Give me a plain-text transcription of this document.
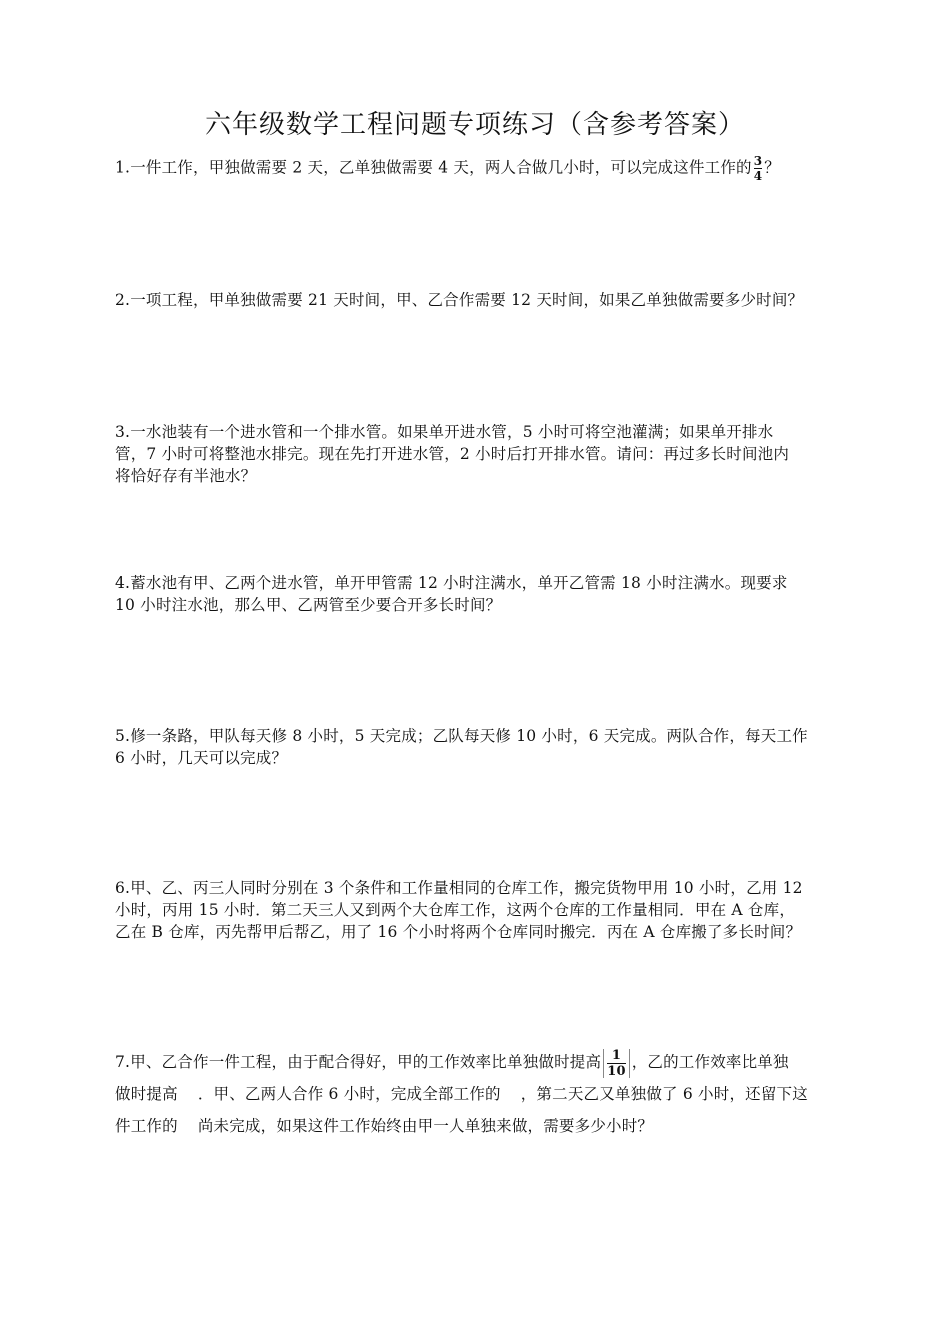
六年级数学工程问题专项练习（含参考答案）
1.一件工作，甲独做需要 2 天，乙单独做需要 4 天，两人合做几小时，可以完成这件工作的 $\frac{3}{4}$ ？
2.一项工程，甲单独做需要 21 天时间，甲、乙合作需要 12 天时间，如果乙单独做需要多少时间？
3.一水池装有一个进水管和一个排水管。如果单开进水管，5 小时可将空池灌满；如果单开排水
管，7 小时可将整池水排完。现在先打开进水管，2 小时后打开排水管。请问：再过多长时间池内
将恰好存有半池水？
4.蓄水池有甲、乙两个进水管，单开甲管需 12 小时注满水，单开乙管需 18 小时注满水。现要求
10 小时注水池，那么甲、乙两管至少要合开多长时间？
5.修一条路，甲队每天修 8 小时，5 天完成；乙队每天修 10 小时，6 天完成。两队合作，每天工作
6 小时，几天可以完成？
6.甲、乙、丙三人同时分别在 3 个条件和工作量相同的仓库工作，搬完货物甲用 10 小时，乙用 12
小时，丙用 15 小时．第二天三人又到两个大仓库工作，这两个仓库的工作量相同．甲在 A 仓库，
乙在 B 仓库，丙先帮甲后帮乙，用了 16 个小时将两个仓库同时搬完．丙在 A 仓库搬了多长时间？
7.甲、乙合作一件工程，由于配合得好，甲的工作效率比单独做时提高 $\frac{1}{10}$ ，乙的工作效率比单独
做时提高 ．甲、乙两人合作 6 小时，完成全部工作的 ，第二天乙又单独做了 6 小时，还留下这
件工作的 尚未完成，如果这件工作始终由甲一人单独来做，需要多少小时？
